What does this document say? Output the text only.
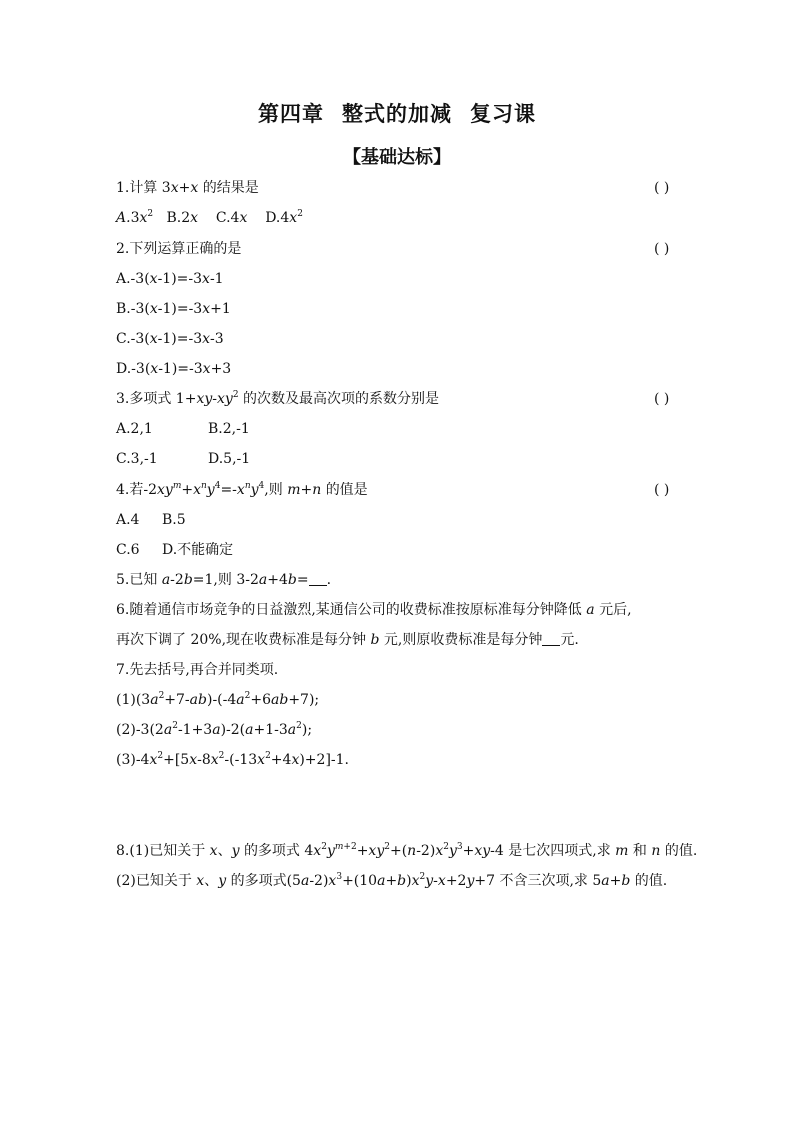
第四章 整式的加减 复习课
【基础达标】
1.计算 3x+x 的结果是	( )
$A.3x^2$ B.2x C.4x $D.4x^2$
2.下列运算正确的是	( )
A.-3(x-1)=-3x-1
B.-3(x-1)=-3x+1
C.-3(x-1)=-3x-3
D.-3(x-1)=-3x+3
3.多项式 $1+xy-xy^2$ 的次数及最高次项的系数分别是	( )
A.2,1	B.2,-1
C.3,-1	D.5,-1
4.若$-2xy^m+x^ny^4=-x^ny^4$,则 m+n 的值是	( )
A.4 B.5
C.6 D.不能确定
5.已知 a-2b=1,则 3-2a+4b= .
6.随着通信市场竞争的日益激烈,某通信公司的收费标准按原标准每分钟降低 a 元后,
再次下调了 20%,现在收费标准是每分钟 b 元,则原收费标准是每分钟 元.
7.先去括号,再合并同类项.
$(1)(3a^2+7-ab)-(-4a^2+6ab+7)$;
$(2)-3(2a^2-1+3a)-2(a+1-3a^2)$;
$(3)-4x^2+[5x-8x^2-(-13x^2+4x)+2]-1$.
8.(1)已知关于 x、y 的多项式 $4x^2y^{m+2}+xy^2+(n-2)x^2y^3+xy-4$ 是七次四项式,求 m 和 n 的值.
(2)已知关于 x、y 的多项式$(5a-2)x^3+(10a+b)x^2y-x+2y+7$ 不含三次项,求 5a+b 的值.
